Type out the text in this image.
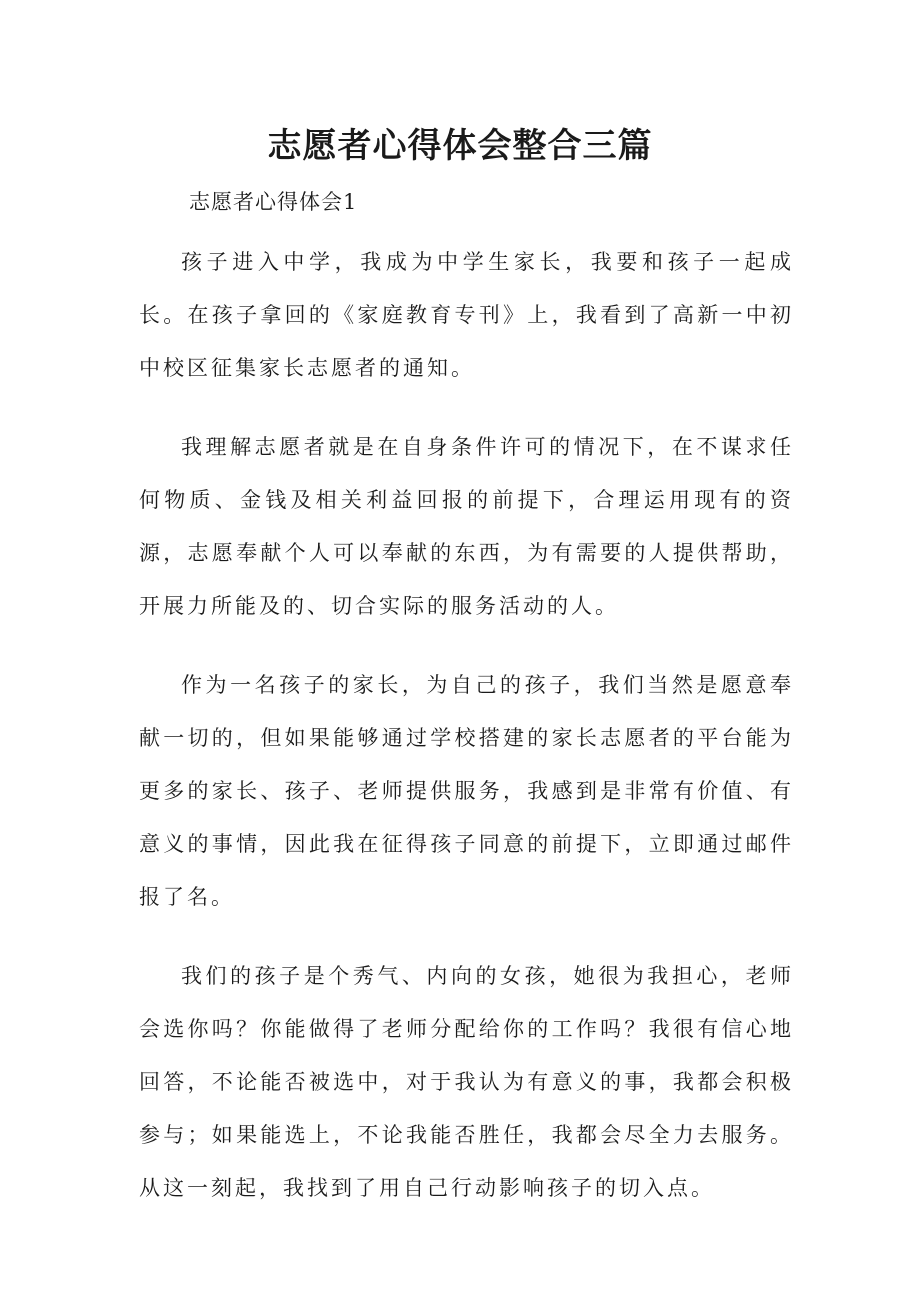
志愿者心得体会整合三篇

志愿者心得体会1

孩子进入中学，我成为中学生家长，我要和孩子一起成长。在孩子拿回的《家庭教育专刊》上，我看到了高新一中初中校区征集家长志愿者的通知。

我理解志愿者就是在自身条件许可的情况下，在不谋求任何物质、金钱及相关利益回报的前提下，合理运用现有的资源，志愿奉献个人可以奉献的东西，为有需要的人提供帮助，开展力所能及的、切合实际的服务活动的人。

作为一名孩子的家长，为自己的孩子，我们当然是愿意奉献一切的，但如果能够通过学校搭建的家长志愿者的平台能为更多的家长、孩子、老师提供服务，我感到是非常有价值、有意义的事情，因此我在征得孩子同意的前提下，立即通过邮件报了名。

我们的孩子是个秀气、内向的女孩，她很为我担心，老师会选你吗？你能做得了老师分配给你的工作吗？我很有信心地回答，不论能否被选中，对于我认为有意义的事，我都会积极参与；如果能选上，不论我能否胜任，我都会尽全力去服务。从这一刻起，我找到了用自己行动影响孩子的切入点。
